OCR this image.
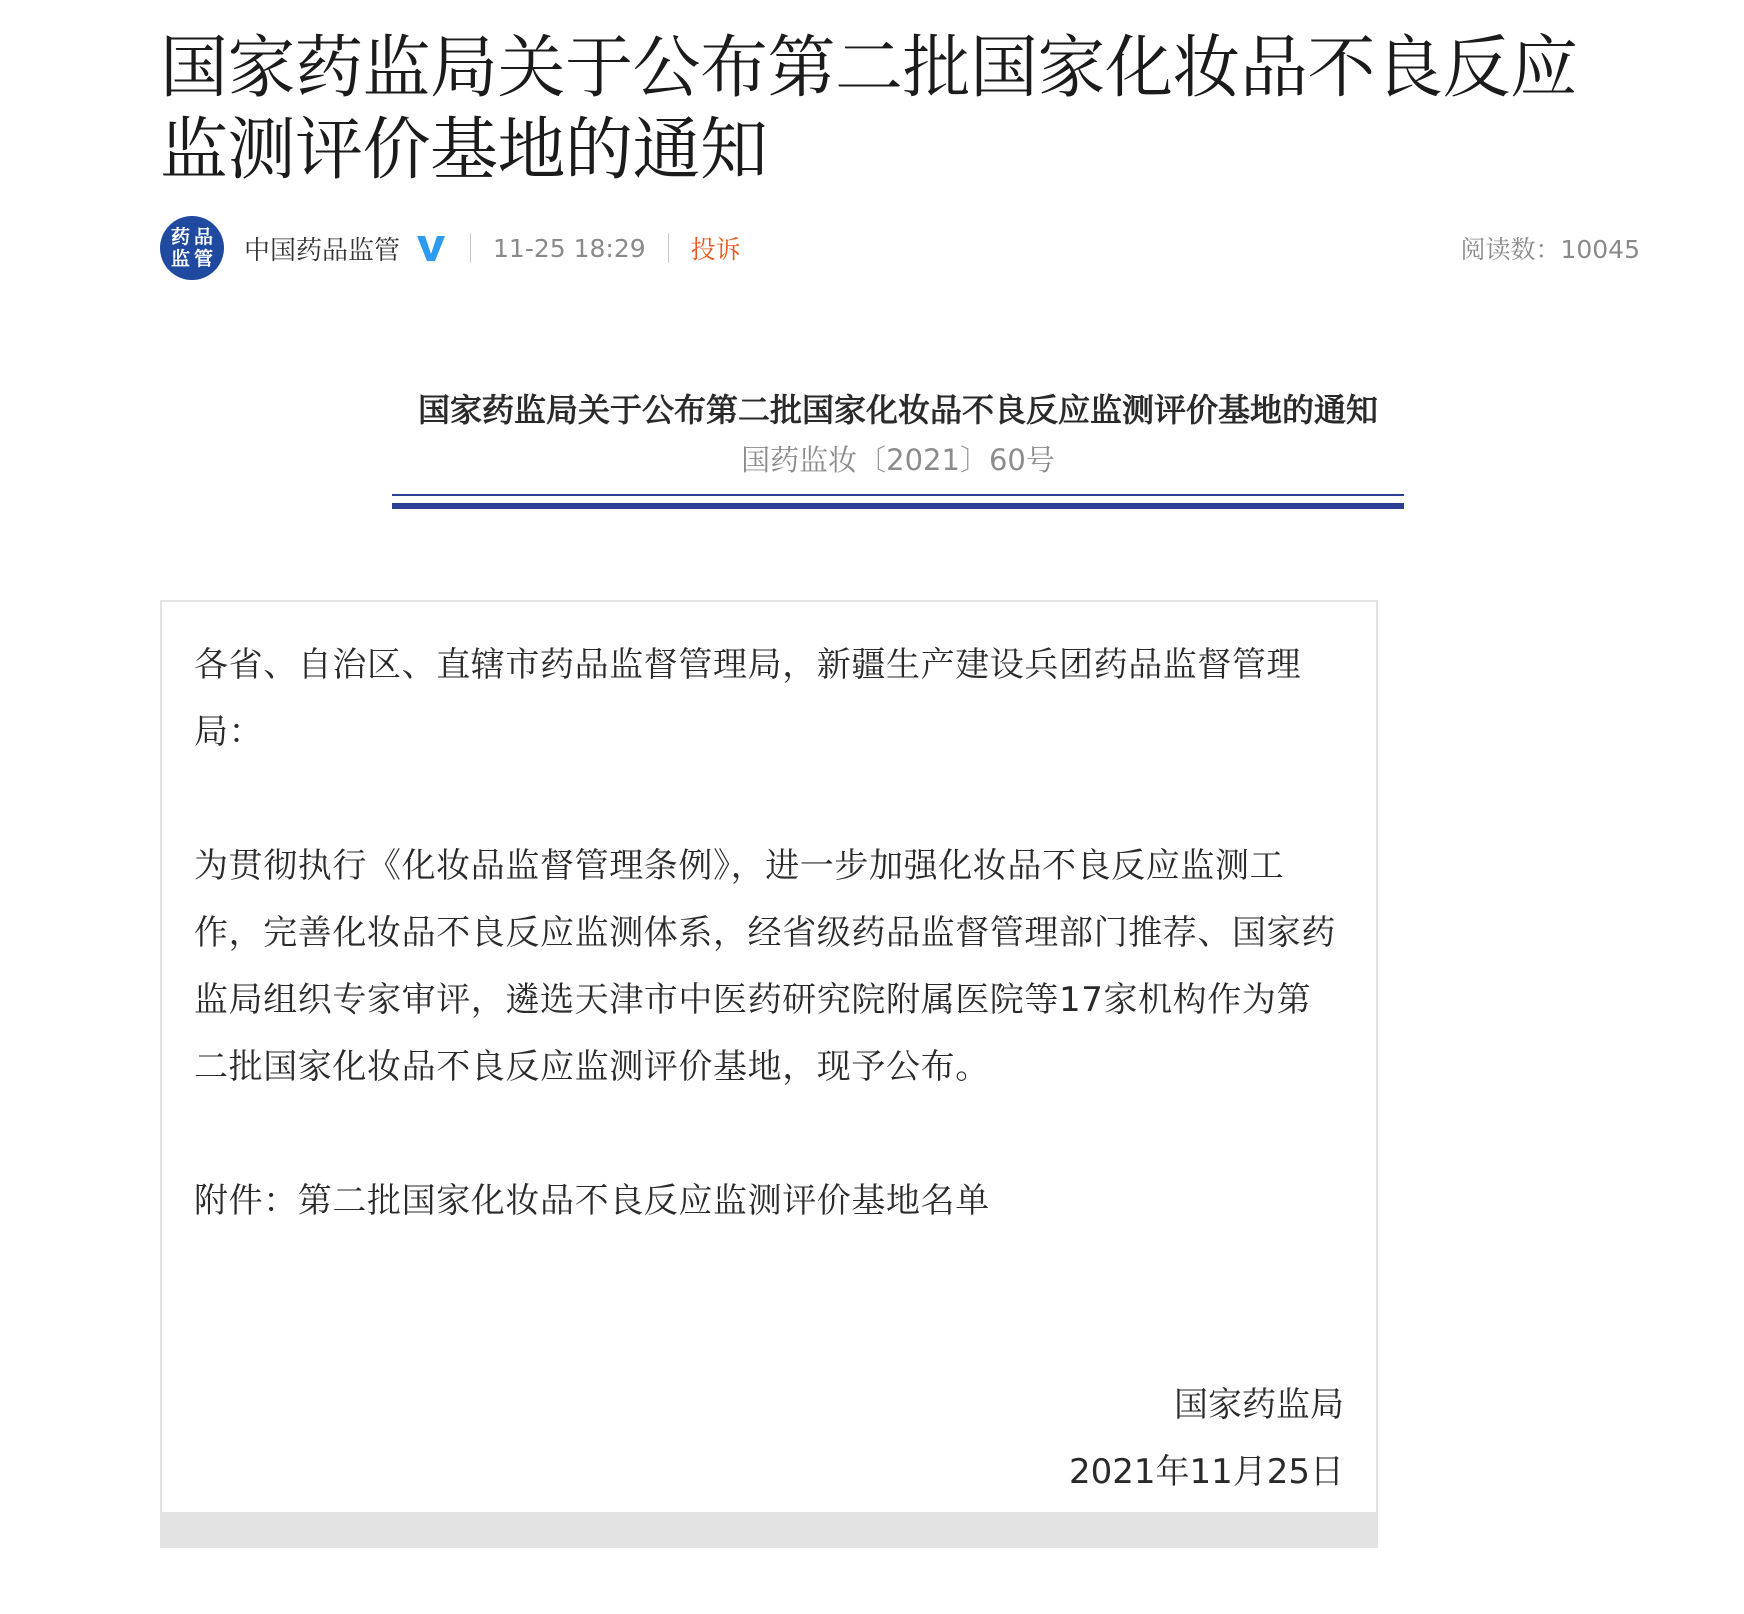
国家药监局关于公布第二批国家化妆品不良反应监测评价基地的通知
药 品
监 管 中国药品监管	11-25 18:29 投诉	阅读数：10045
国家药监局关于公布第二批国家化妆品不良反应监测评价基地的通知
国药监妆〔2021〕60号

各省、自治区、直辖市药品监督管理局，新疆生产建设兵团药品监督管理局：

为贯彻执行《化妆品监督管理条例》，进一步加强化妆品不良反应监测工作，完善化妆品不良反应监测体系，经省级药品监督管理部门推荐、国家药监局组织专家审评，遴选天津市中医药研究院附属医院等17家机构作为第二批国家化妆品不良反应监测评价基地，现予公布。

附件：第二批国家化妆品不良反应监测评价基地名单

国家药监局
2021年11月25日
